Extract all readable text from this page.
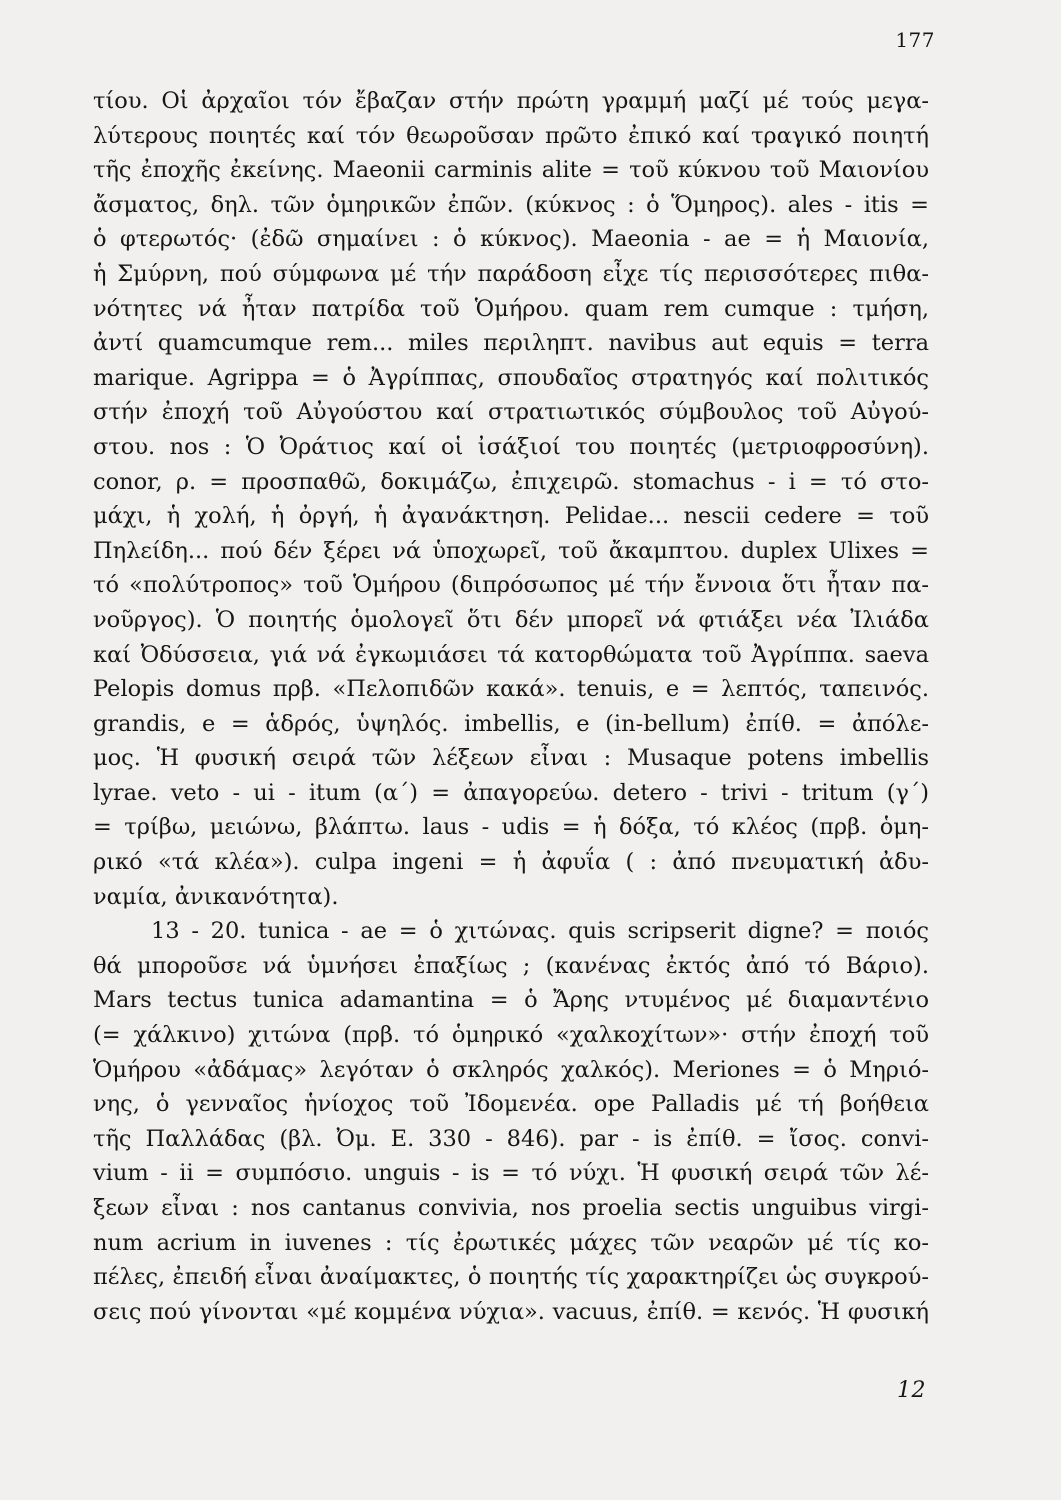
177
τίου. Οἱ ἀρχαῖοι τόν ἔβαζαν στήν πρώτη γραμμή μαζί μέ τούς μεγα-
λύτερους ποιητές καί τόν θεωροῦσαν πρῶτο ἐπικό καί τραγικό ποιητή
τῆς ἐποχῆς ἐκείνης. Maeonii carminis alite = τοῦ κύκνου τοῦ Μαιονίου
ἄσματος, δηλ. τῶν ὁμηρικῶν ἐπῶν. (κύκνος : ὁ Ὅμηρος). ales - itis =
ὁ φτερωτός· (ἐδῶ σημαίνει : ὁ κύκνος). Maeonia - ae = ἡ Μαιονία,
ἡ Σμύρνη, πού σύμφωνα μέ τήν παράδοση εἶχε τίς περισσότερες πιθα-
νότητες νά ἦταν πατρίδα τοῦ Ὁμήρου. quam rem cumque : τμήση,
ἀντί quamcumque rem... miles περιληπτ. navibus aut equis = terra
marique. Agrippa = ὁ Ἀγρίππας, σπουδαῖος στρατηγός καί πολιτικός
στήν ἐποχή τοῦ Αὐγούστου καί στρατιωτικός σύμβουλος τοῦ Αὐγού-
στου. nos : Ὁ Ὀράτιος καί οἱ ἰσάξιοί του ποιητές (μετριοφροσύνη).
conor, ρ. = προσπαθῶ, δοκιμάζω, ἐπιχειρῶ. stomachus - i = τό στο-
μάχι, ἡ χολή, ἡ ὀργή, ἡ ἀγανάκτηση. Pelidae... nescii cedere = τοῦ
Πηλείδη... πού δέν ξέρει νά ὑποχωρεῖ, τοῦ ἄκαμπτου. duplex Ulixes =
τό «πολύτροπος» τοῦ Ὁμήρου (διπρόσωπος μέ τήν ἔννοια ὅτι ἦταν πα-
νοῦργος). Ὁ ποιητής ὁμολογεῖ ὅτι δέν μπορεῖ νά φτιάξει νέα Ἰλιάδα
καί Ὀδύσσεια, γιά νά ἐγκωμιάσει τά κατορθώματα τοῦ Ἀγρίππα. saeva
Pelopis domus πρβ. «Πελοπιδῶν κακά». tenuis, e = λεπτός, ταπεινός.
grandis, e = ἁδρός, ὑψηλός. imbellis, e (in-bellum) ἐπίθ. = ἀπόλε-
μος. Ἡ φυσική σειρά τῶν λέξεων εἶναι : Musaque potens imbellis
lyrae. veto - ui - itum (α΄) = ἀπαγορεύω. detero - trivi - tritum (γ΄)
= τρίβω, μειώνω, βλάπτω. laus - udis = ἡ δόξα, τό κλέος (πρβ. ὁμη-
ρικό «τά κλέα»). culpa ingeni = ἡ ἀφυΐα ( : ἀπό πνευματική ἀδυ-
ναμία, ἀνικανότητα).
13 - 20. tunica - ae = ὁ χιτώνας. quis scripserit digne? = ποιός
θά μποροῦσε νά ὑμνήσει ἐπαξίως ; (κανένας ἐκτός ἀπό τό Βάριο).
Mars tectus tunica adamantina = ὁ Ἄρης ντυμένος μέ διαμαντένιο
(= χάλκινο) χιτώνα (πρβ. τό ὁμηρικό «χαλκοχίτων»· στήν ἐποχή τοῦ
Ὁμήρου «ἀδάμας» λεγόταν ὁ σκληρός χαλκός). Meriones = ὁ Μηριό-
νης, ὁ γενναῖος ἡνίοχος τοῦ Ἰδομενέα. ope Palladis μέ τή βοήθεια
τῆς Παλλάδας (βλ. Ὀμ. Ε. 330 - 846). par - is ἐπίθ. = ἴσος. convi-
vium - ii = συμπόσιο. unguis - is = τό νύχι. Ἡ φυσική σειρά τῶν λέ-
ξεων εἶναι : nos cantanus convivia, nos proelia sectis unguibus virgi-
num acrium in iuvenes : τίς ἐρωτικές μάχες τῶν νεαρῶν μέ τίς κο-
πέλες, ἐπειδή εἶναι ἀναίμακτες, ὁ ποιητής τίς χαρακτηρίζει ὡς συγκρού-
σεις πού γίνονται «μέ κομμένα νύχια». vacuus, ἐπίθ. = κενός. Ἡ φυσική
12
